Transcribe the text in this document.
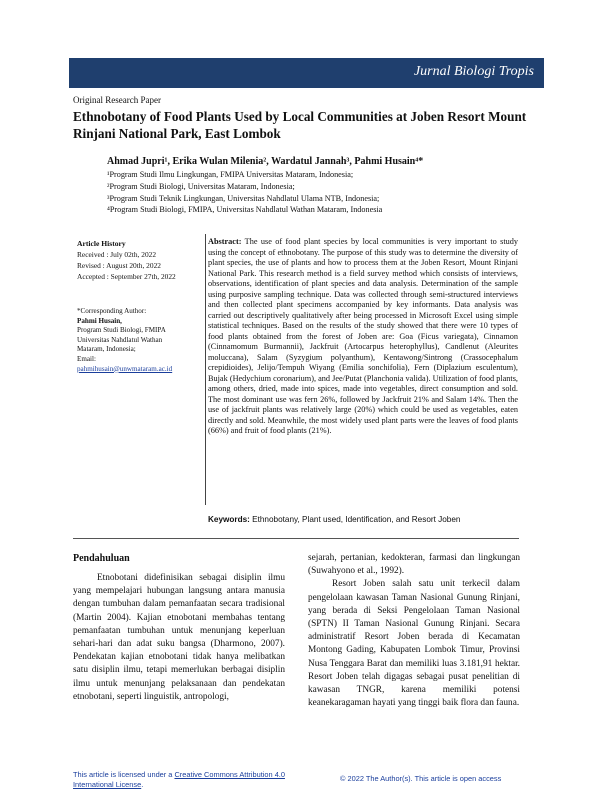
Jurnal Biologi Tropis
Original Research Paper
Ethnobotany of Food Plants Used by Local Communities at Joben Resort Mount Rinjani National Park, East Lombok
Ahmad Jupri¹, Erika Wulan Milenia², Wardatul Jannah³, Pahmi Husain⁴*
¹Program Studi Ilmu Lingkungan, FMIPA Universitas Mataram, Indonesia;
²Program Studi Biologi, Universitas Mataram, Indonesia;
³Program Studi Teknik Lingkungan, Universitas Nahdlatul Ulama NTB, Indonesia;
⁴Program Studi Biologi, FMIPA, Universitas Nahdlatul Wathan Mataram, Indonesia
Article History
Received : July 02th, 2022
Revised : August 20th, 2022
Accepted : September 27th, 2022
*Corresponding Author:
Pahmi Husain,
Program Studi Biologi, FMIPA
Universitas Nahdlatul Wathan
Mataram, Indonesia;
Email:
pahmihusain@unwmataram.ac.id
Abstract: The use of food plant species by local communities is very important to study using the concept of ethnobotany. The purpose of this study was to determine the diversity of plant species, the use of plants and how to process them at the Joben Resort, Mount Rinjani National Park. This research method is a field survey method which consists of interviews, observations, identification of plant species and data analysis. Determination of the sample using purposive sampling technique. Data was collected through semi-structured interviews and then collected plant specimens accompanied by key informants. Data analysis was carried out descriptively qualitatively after being processed in Microsoft Excel using simple statistical techniques. Based on the results of the study showed that there were 10 types of food plants obtained from the forest of Joben are: Goa (Ficus variegata), Cinnamon (Cinnamomum Burmannii), Jackfruit (Artocarpus heterophyllus), Candlenut (Aleurites moluccana), Salam (Syzygium polyanthum), Kentawong/Sintrong (Crassocephalum crepidioides), Jelijo/Tempuh Wiyang (Emilia sonchifolia), Fern (Diplazium esculentum), Bujak (Hedychium coronarium), and Jee/Putat (Planchonia valida). Utilization of food plants, among others, dried, made into spices, made into vegetables, direct consumption and sold. The most dominant use was fern 26%, followed by Jackfruit 21% and Salam 14%. Then the use of jackfruit plants was relatively large (20%) which could be used as vegetables, eaten directly and sold. Meanwhile, the most widely used plant parts were the leaves of food plants (66%) and fruit of food plants (21%).
Keywords: Ethnobotany, Plant used, Identification, and Resort Joben
Pendahuluan

Etnobotani didefinisikan sebagai disiplin ilmu yang mempelajari hubungan langsung antara manusia dengan tumbuhan dalam pemanfaatan secara tradisional (Martin 2004). Kajian etnobotani membahas tentang pemanfaatan tumbuhan untuk menunjang keperluan sehari-hari dan adat suku bangsa (Dharmono, 2007). Pendekatan kajian etnobotani tidak hanya melibatkan satu disiplin ilmu, tetapi memerlukan berbagai disiplin ilmu untuk menunjang pelaksanaan dan pendekatan etnobotani, seperti linguistik, antropologi,

sejarah, pertanian, kedokteran, farmasi dan lingkungan (Suwahyono et al., 1992).

Resort Joben salah satu unit terkecil dalam pengelolaan kawasan Taman Nasional Gunung Rinjani, yang berada di Seksi Pengelolaan Taman Nasional (SPTN) II Taman Nasional Gunung Rinjani. Secara administratif Resort Joben berada di Kecamatan Montong Gading, Kabupaten Lombok Timur, Provinsi Nusa Tenggara Barat dan memiliki luas 3.181,91 hektar. Resort Joben telah digagas sebagai pusat penelitian di kawasan TNGR, karena memiliki potensi keanekaragaman hayati yang tinggi baik flora dan fauna.

This article is licensed under a Creative Commons Attribution 4.0 International License.
© 2022 The Author(s). This article is open access
